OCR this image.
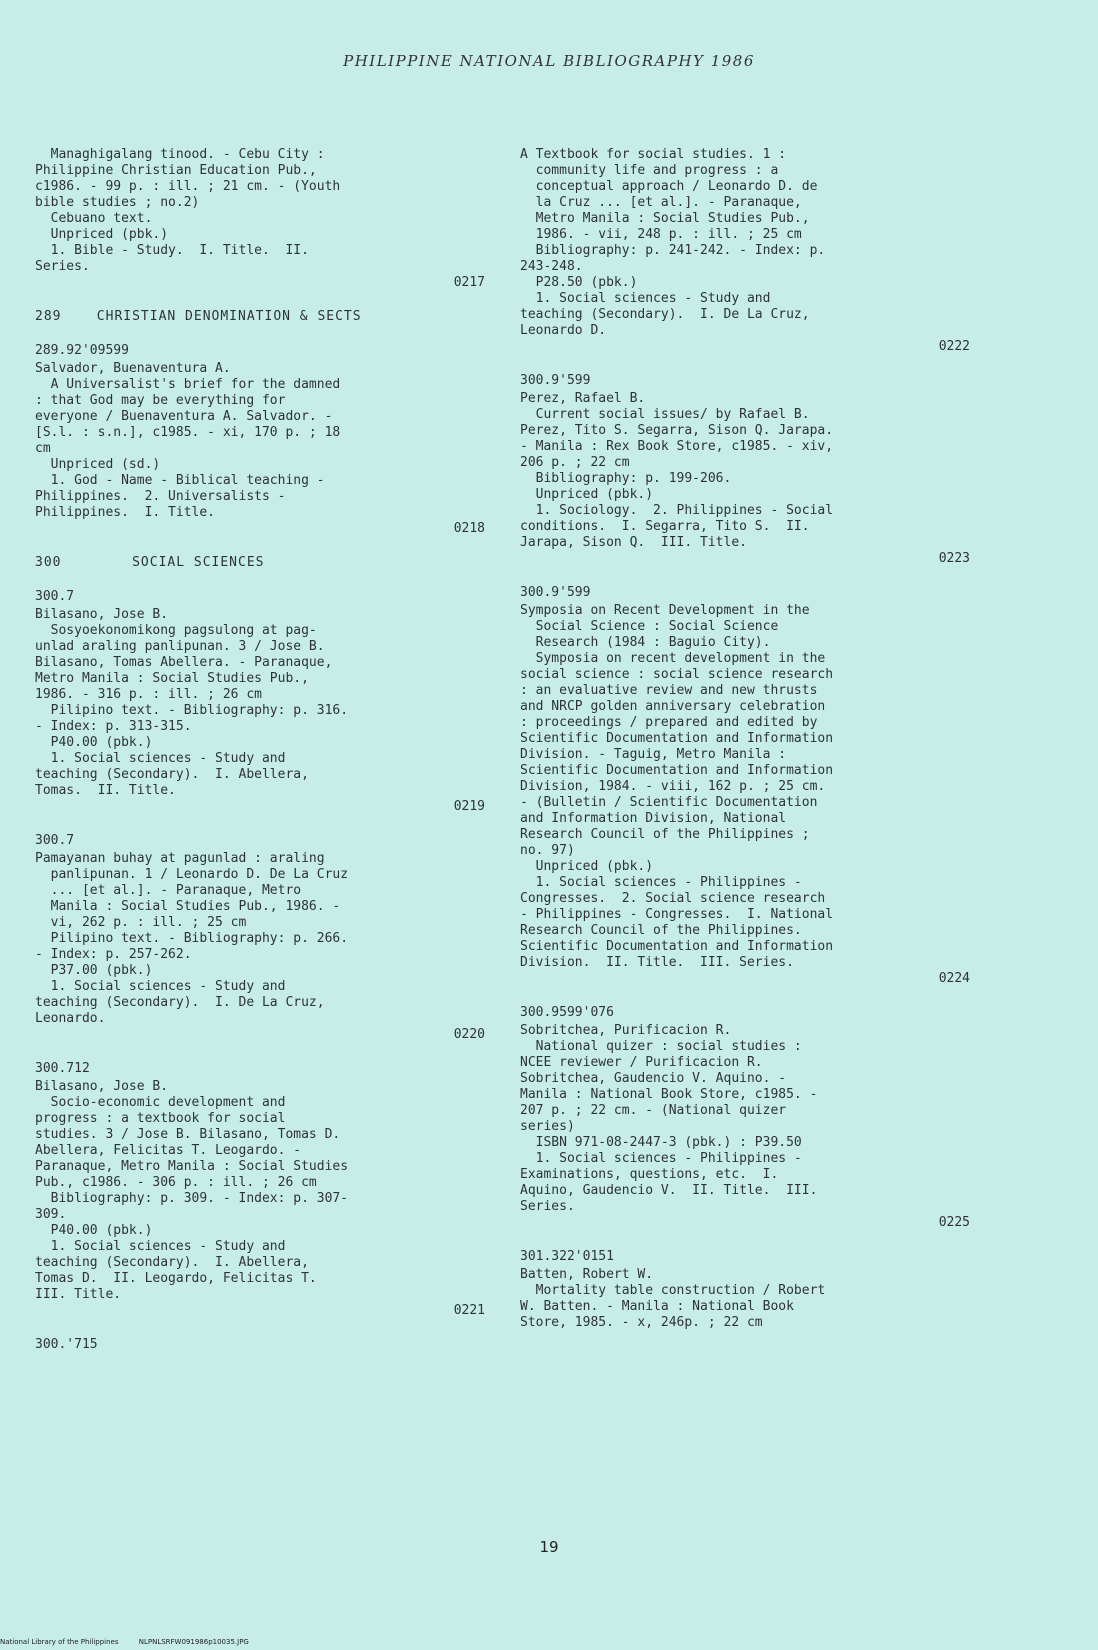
PHILIPPINE NATIONAL BIBLIOGRAPHY 1986
Managhigalang tinood. - Cebu City :
Philippine Christian Education Pub.,
c1986. - 99 p. : ill. ; 21 cm. - (Youth
bible studies ; no.2)
Cebuano text.
Unpriced (pbk.)
1. Bible - Study.  I. Title.  II.
Series.
0217
289    CHRISTIAN DENOMINATION & SECTS
289.92'09599
Salvador, Buenaventura A.
A Universalist's brief for the damned
: that God may be everything for
everyone / Buenaventura A. Salvador. -
[S.l. : s.n.], c1985. - xi, 170 p. ; 18
cm
Unpriced (sd.)
1. God - Name - Biblical teaching -
Philippines.  2. Universalists -
Philippines.  I. Title.
0218
300        SOCIAL SCIENCES
300.7
Bilasano, Jose B.
Sosyoekonomikong pagsulong at pag-
unlad araling panlipunan. 3 / Jose B.
Bilasano, Tomas Abellera. - Paranaque,
Metro Manila : Social Studies Pub.,
1986. - 316 p. : ill. ; 26 cm
Pilipino text. - Bibliography: p. 316.
- Index: p. 313-315.
P40.00 (pbk.)
1. Social sciences - Study and
teaching (Secondary).  I. Abellera,
Tomas.  II. Title.
0219
300.7
Pamayanan buhay at pagunlad : araling
panlipunan. 1 / Leonardo D. De La Cruz
... [et al.]. - Paranaque, Metro
Manila : Social Studies Pub., 1986. -
vi, 262 p. : ill. ; 25 cm
Pilipino text. - Bibliography: p. 266.
- Index: p. 257-262.
P37.00 (pbk.)
1. Social sciences - Study and
teaching (Secondary).  I. De La Cruz,
Leonardo.
0220
300.712
Bilasano, Jose B.
Socio-economic development and
progress : a textbook for social
studies. 3 / Jose B. Bilasano, Tomas D.
Abellera, Felicitas T. Leogardo. -
Paranaque, Metro Manila : Social Studies
Pub., c1986. - 306 p. : ill. ; 26 cm
Bibliography: p. 309. - Index: p. 307-
309.
P40.00 (pbk.)
1. Social sciences - Study and
teaching (Secondary).  I. Abellera,
Tomas D.  II. Leogardo, Felicitas T.
III. Title.
0221
300.'715
A Textbook for social studies. 1 :
community life and progress : a
conceptual approach / Leonardo D. de
la Cruz ... [et al.]. - Paranaque,
Metro Manila : Social Studies Pub.,
1986. - vii, 248 p. : ill. ; 25 cm
Bibliography: p. 241-242. - Index: p.
243-248.
P28.50 (pbk.)
1. Social sciences - Study and
teaching (Secondary).  I. De La Cruz,
Leonardo D.
0222
300.9'599
Perez, Rafael B.
Current social issues/ by Rafael B.
Perez, Tito S. Segarra, Sison Q. Jarapa.
- Manila : Rex Book Store, c1985. - xiv,
206 p. ; 22 cm
Bibliography: p. 199-206.
Unpriced (pbk.)
1. Sociology.  2. Philippines - Social
conditions.  I. Segarra, Tito S.  II.
Jarapa, Sison Q.  III. Title.
0223
300.9'599
Symposia on Recent Development in the
Social Science : Social Science
Research (1984 : Baguio City).
Symposia on recent development in the
social science : social science research
: an evaluative review and new thrusts
and NRCP golden anniversary celebration
: proceedings / prepared and edited by
Scientific Documentation and Information
Division. - Taguig, Metro Manila :
Scientific Documentation and Information
Division, 1984. - viii, 162 p. ; 25 cm.
- (Bulletin / Scientific Documentation
and Information Division, National
Research Council of the Philippines ;
no. 97)
Unpriced (pbk.)
1. Social sciences - Philippines -
Congresses.  2. Social science research
- Philippines - Congresses.  I. National
Research Council of the Philippines.
Scientific Documentation and Information
Division.  II. Title.  III. Series.
0224
300.9599'076
Sobritchea, Purificacion R.
National quizer : social studies :
NCEE reviewer / Purificacion R.
Sobritchea, Gaudencio V. Aquino. -
Manila : National Book Store, c1985. -
207 p. ; 22 cm. - (National quizer
series)
ISBN 971-08-2447-3 (pbk.) : P39.50
1. Social sciences - Philippines -
Examinations, questions, etc.  I.
Aquino, Gaudencio V.  II. Title.  III.
Series.
0225
301.322'0151
Batten, Robert W.
Mortality table construction / Robert
W. Batten. - Manila : National Book
Store, 1985. - x, 246p. ; 22 cm
19
National Library of the Philippines	NLPNLSRFW091986p10035.JPG
